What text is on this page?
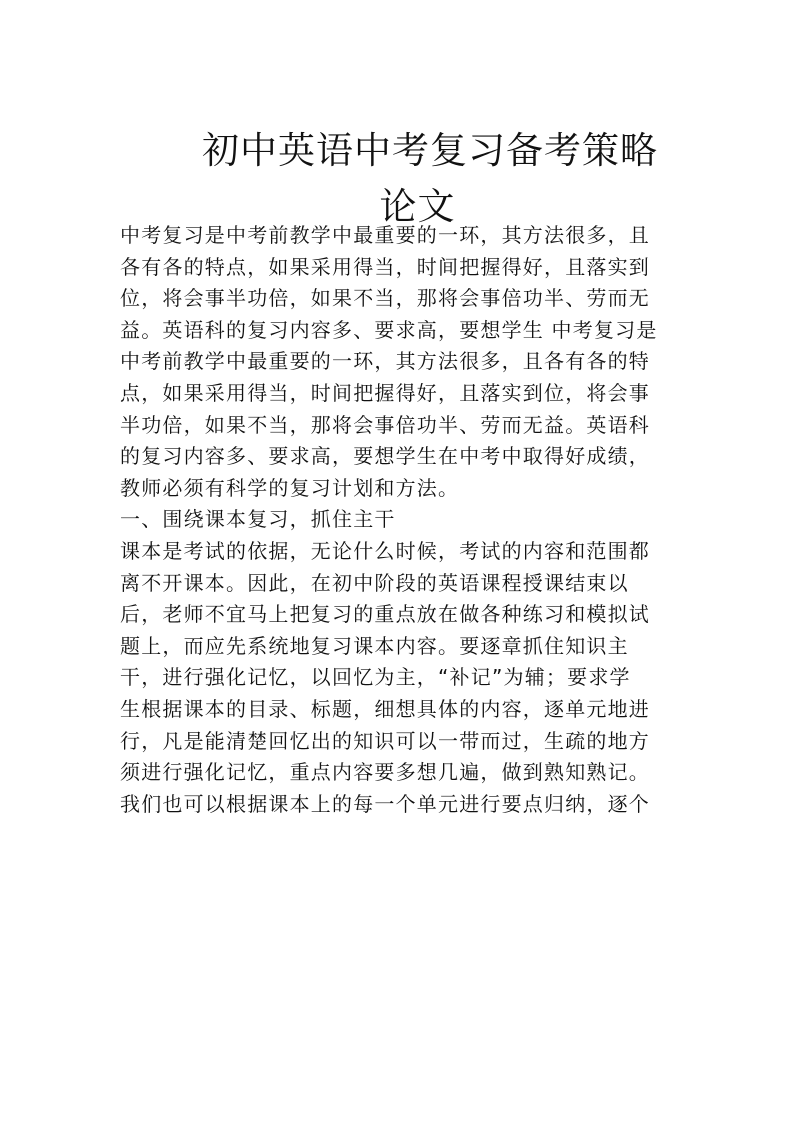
初中英语中考复习备考策略
论文
中考复习是中考前教学中最重要的一环，其方法很多，且
各有各的特点，如果采用得当，时间把握得好，且落实到
位，将会事半功倍，如果不当，那将会事倍功半、劳而无
益。英语科的复习内容多、要求高，要想学生 中考复习是
中考前教学中最重要的一环，其方法很多，且各有各的特
点，如果采用得当，时间把握得好，且落实到位，将会事
半功倍，如果不当，那将会事倍功半、劳而无益。英语科
的复习内容多、要求高，要想学生在中考中取得好成绩，
教师必须有科学的复习计划和方法。
一、围绕课本复习，抓住主干
课本是考试的依据，无论什么时候，考试的内容和范围都
离不开课本。因此，在初中阶段的英语课程授课结束以
后，老师不宜马上把复习的重点放在做各种练习和模拟试
题上，而应先系统地复习课本内容。要逐章抓住知识主
干，进行强化记忆，以回忆为主，“补记”为辅；要求学
生根据课本的目录、标题，细想具体的内容，逐单元地进
行，凡是能清楚回忆出的知识可以一带而过，生疏的地方
须进行强化记忆，重点内容要多想几遍，做到熟知熟记。
我们也可以根据课本上的每一个单元进行要点归纳，逐个
